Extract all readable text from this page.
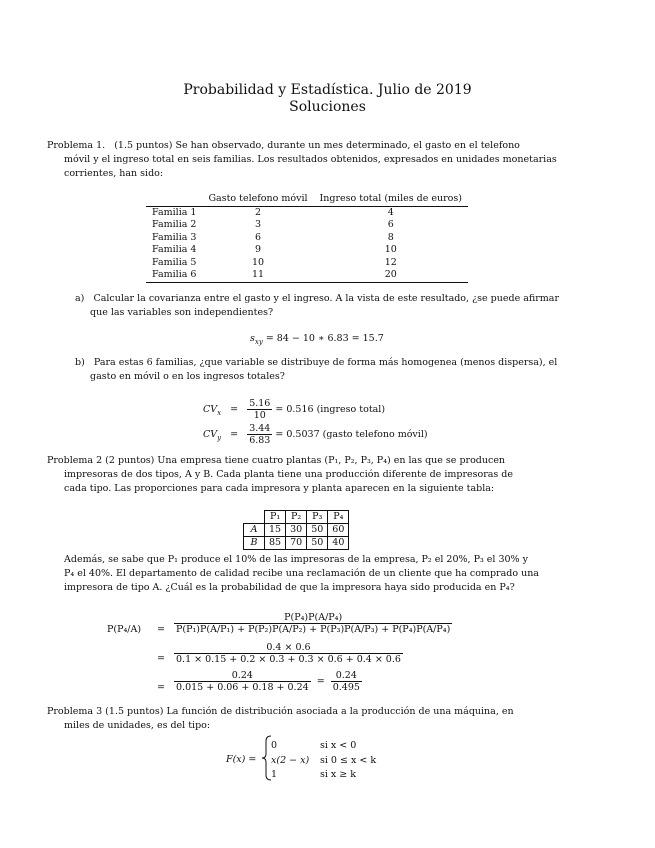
Probabilidad y Estadística. Julio de 2019
Soluciones
Problema 1. (1.5 puntos) Se han observado, durante un mes determinado, el gasto en el telefono
móvil y el ingreso total en seis familias. Los resultados obtenidos, expresados en unidades monetarias
corrientes, han sido:
	Gasto telefono móvil	Ingreso total (miles de euros)
Familia 1	2	4
Familia 2	3	6
Familia 3	6	8
Familia 4	9	10
Familia 5	10	12
Familia 6	11	20
a) Calcular la covarianza entre el gasto y el ingreso. A la vista de este resultado, ¿se puede afirmar
que las variables son independientes?
$s_{xy} = 84 - 10$ ∗ 6.83 = 15.7
b) Para estas 6 familias, ¿que variable se distribuye de forma más homogenea (menos dispersa), el
gasto en móvil o en los ingresos totales?
$CV_x = \frac{5.16}{10} = 0.516$ (ingreso total)
$CV_y = \frac{3.44}{6.83} = 0.5037$ (gasto telefono móvil)
Problema 2 (2 puntos) Una empresa tiene cuatro plantas (P₁, P₂, P₃, P₄) en las que se producen
impresoras de dos tipos, A y B. Cada planta tiene una producción diferente de impresoras de
cada tipo. Las proporciones para cada impresora y planta aparecen en la siguiente tabla:
	P₁	P₂	P₃	P₄
A	15	30	50	60
B	85	70	50	40
Además, se sabe que P₁ produce el 10% de las impresoras de la empresa, P₂ el 20%, P₃ el 30% y
P₄ el 40%. El departamento de calidad recibe una reclamación de un cliente que ha comprado una
impresora de tipo A. ¿Cuál es la probabilidad de que la impresora haya sido producida en P₄?
$P(P_4/A) = \frac{\text{P(P₄)P(A/P₄)}}{\text{P(P₁)P(A/P₁) + P(P₂)P(A/P₂) + P(P₃)P(A/P₃) + P(P₄)P(A/P₄)}}$
= $\frac{0.4 \times 0.6}{0.1 \times 0.15 + 0.2 \times 0.3 + 0.3 \times 0.6 + 0.4 \times 0.6}$
= $\frac{0.24}{0.015 + 0.06 + 0.18 + 0.24} = \frac{0.24}{0.495}$
Problema 3 (1.5 puntos) La función de distribución asociada a la producción de una máquina, en
miles de unidades, es del tipo:
F(x) =
0
x(2 − x)
1
si x < 0
si 0 ≤ x < k
si x ≥ k
